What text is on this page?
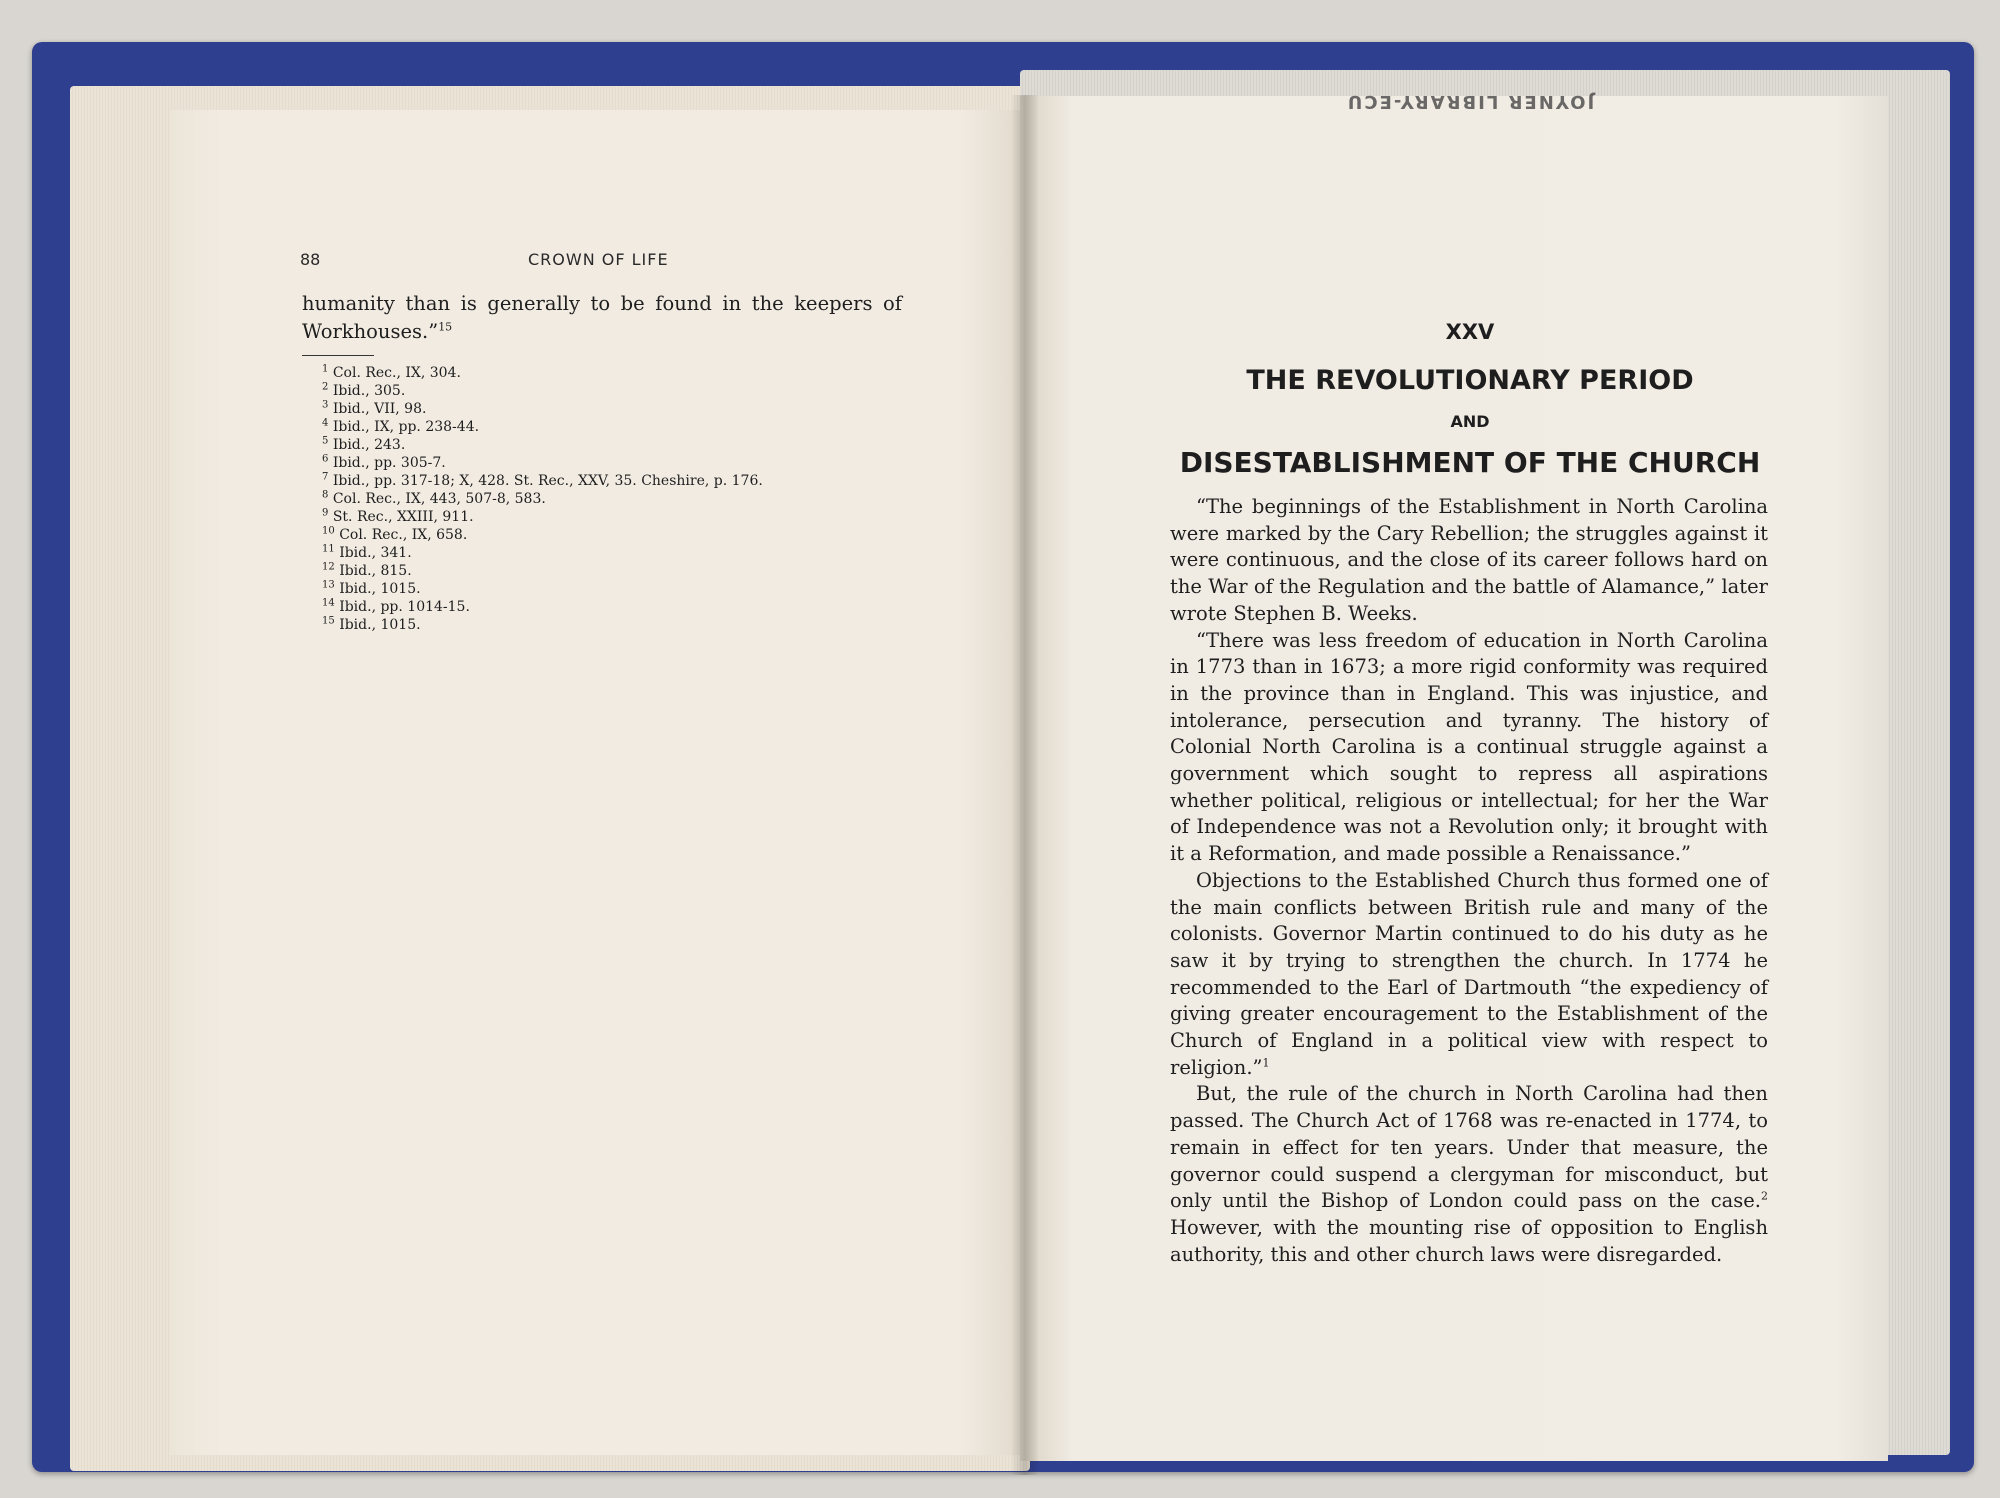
JOYNER LIBRARY-ECU
88	CROWN OF LIFE
humanity than is generally to be found in the keepers of Workhouses.”$^{15}$
$^1$ Col. Rec., IX, 304.
$^2$ Ibid., 305.
$^3$ Ibid., VII, 98.
$^4$ Ibid., IX, pp. 238-44.
$^5$ Ibid., 243.
$^6$ Ibid., pp. 305-7.
$^7$ Ibid., pp. 317-18; X, 428. St. Rec., XXV, 35. Cheshire, p. 176.
$^8$ Col. Rec., IX, 443, 507-8, 583.
$^9$ St. Rec., XXIII, 911.
$^{10}$ Col. Rec., IX, 658.
$^{11}$ Ibid., 341.
$^{12}$ Ibid., 815.
$^{13}$ Ibid., 1015.
$^{14}$ Ibid., pp. 1014-15.
$^{15}$ Ibid., 1015.
XXV
THE REVOLUTIONARY PERIOD
AND
DISESTABLISHMENT OF THE CHURCH

“The beginnings of the Establishment in North Carolina were marked by the Cary Rebellion; the struggles against it were continuous, and the close of its career follows hard on the War of the Regulation and the battle of Alamance,” later wrote Stephen B. Weeks.

“There was less freedom of education in North Carolina in 1773 than in 1673; a more rigid conformity was required in the province than in England. This was injustice, and intolerance, persecution and tyranny. The history of Colonial North Carolina is a continual struggle against a government which sought to repress all aspirations whether political, religious or intellectual; for her the War of Independence was not a Revolution only; it brought with it a Reformation, and made possible a Renaissance.”

Objections to the Established Church thus formed one of the main conflicts between British rule and many of the colonists. Governor Martin continued to do his duty as he saw it by trying to strengthen the church. In 1774 he recommended to the Earl of Dartmouth “the expediency of giving greater encouragement to the Establishment of the Church of England in a political view with respect to religion.”$^1$

But, the rule of the church in North Carolina had then passed. The Church Act of 1768 was re-enacted in 1774, to remain in effect for ten years. Under that measure, the governor could suspend a clergyman for misconduct, but only until the Bishop of London could pass on the case.$^2$ However, with the mounting rise of opposition to English authority, this and other church laws were disregarded.
